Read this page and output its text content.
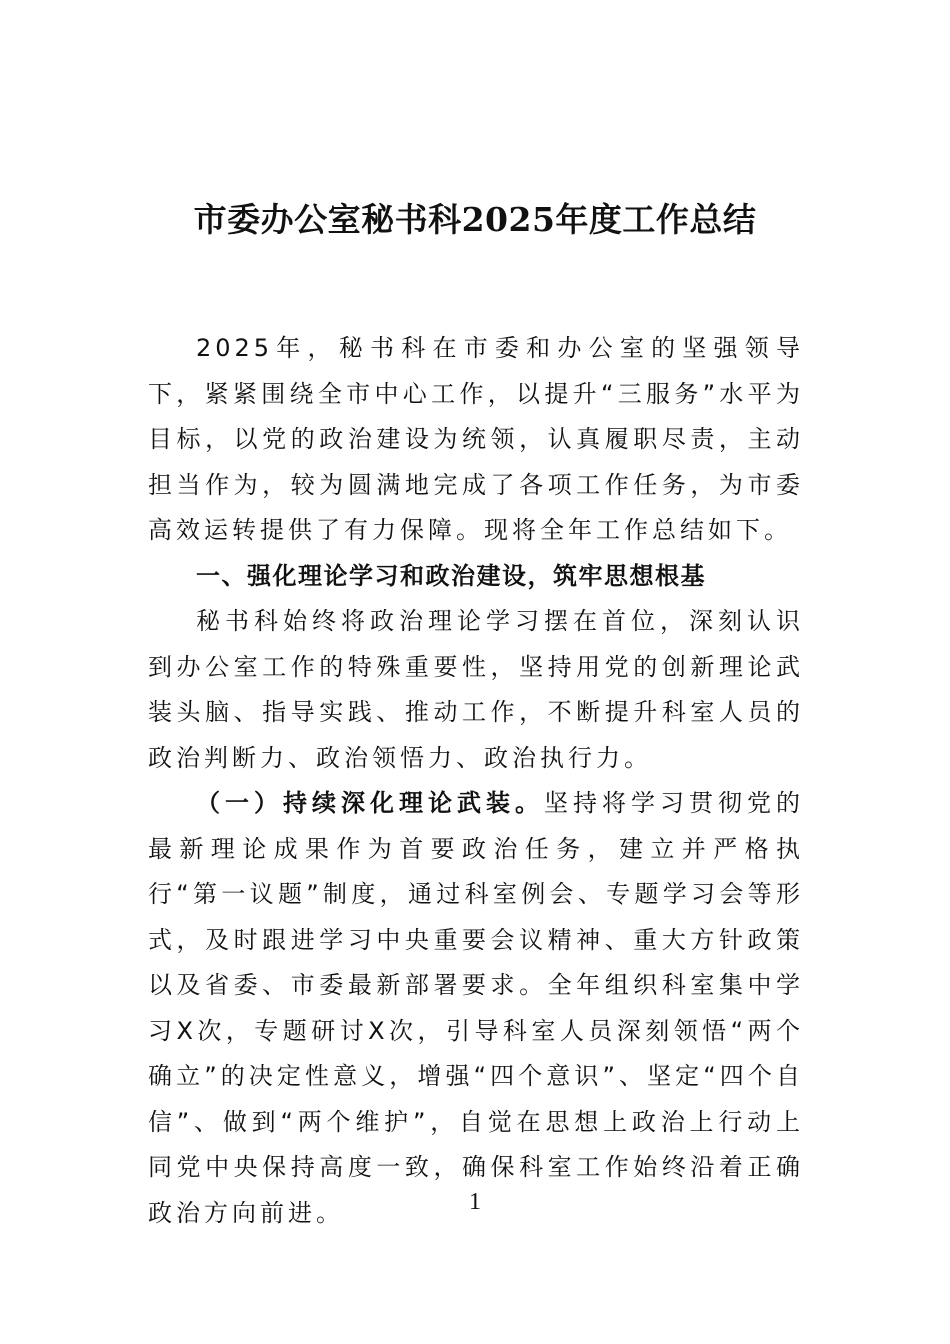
市委办公室秘书科2025年度工作总结

2025年，秘书科在市委和办公室的坚强领导下，紧紧围绕全市中心工作，以提升“三服务”水平为目标，以党的政治建设为统领，认真履职尽责，主动担当作为，较为圆满地完成了各项工作任务，为市委高效运转提供了有力保障。现将全年工作总结如下。

一、强化理论学习和政治建设，筑牢思想根基

秘书科始终将政治理论学习摆在首位，深刻认识到办公室工作的特殊重要性，坚持用党的创新理论武装头脑、指导实践、推动工作，不断提升科室人员的政治判断力、政治领悟力、政治执行力。

（一）持续深化理论武装。坚持将学习贯彻党的最新理论成果作为首要政治任务，建立并严格执行“第一议题”制度，通过科室例会、专题学习会等形式，及时跟进学习中央重要会议精神、重大方针政策以及省委、市委最新部署要求。全年组织科室集中学习X次，专题研讨X次，引导科室人员深刻领悟“两个确立”的决定性意义，增强“四个意识”、坚定“四个自信”、做到“两个维护”，自觉在思想上政治上行动上同党中央保持高度一致，确保科室工作始终沿着正确政治方向前进。	1
